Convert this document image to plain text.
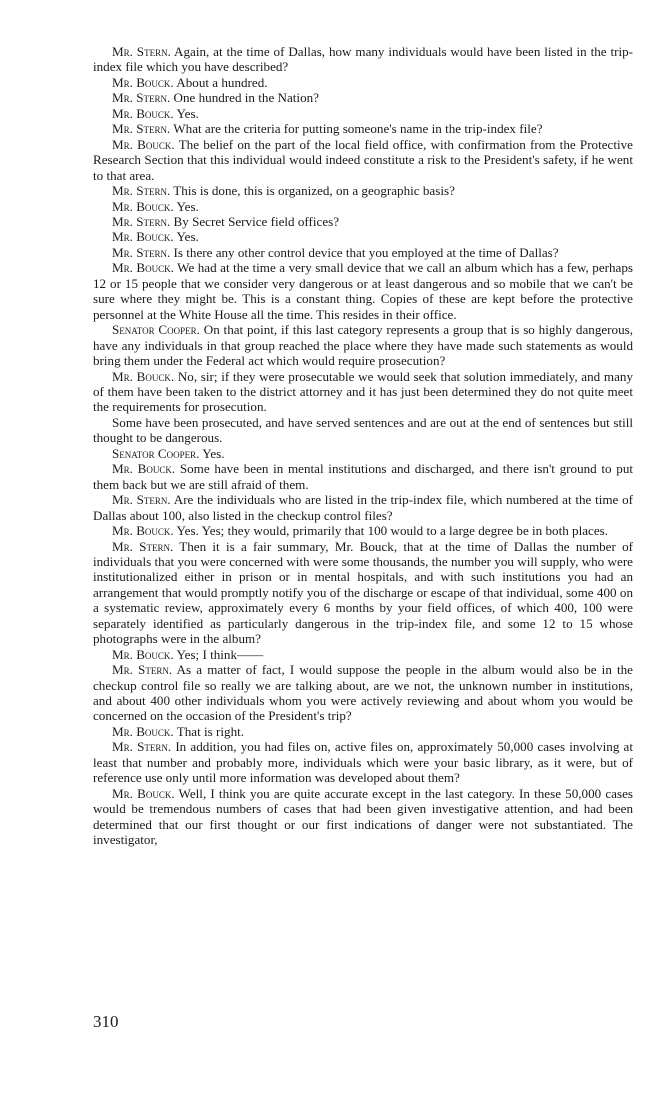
Mr. Stern. Again, at the time of Dallas, how many individuals would have been listed in the trip-index file which you have described?

Mr. Bouck. About a hundred.

Mr. Stern. One hundred in the Nation?

Mr. Bouck. Yes.

Mr. Stern. What are the criteria for putting someone's name in the trip-index file?

Mr. Bouck. The belief on the part of the local field office, with confirmation from the Protective Research Section that this individual would indeed constitute a risk to the President's safety, if he went to that area.

Mr. Stern. This is done, this is organized, on a geographic basis?

Mr. Bouck. Yes.

Mr. Stern. By Secret Service field offices?

Mr. Bouck. Yes.

Mr. Stern. Is there any other control device that you employed at the time of Dallas?

Mr. Bouck. We had at the time a very small device that we call an album which has a few, perhaps 12 or 15 people that we consider very dangerous or at least dangerous and so mobile that we can't be sure where they might be. This is a constant thing. Copies of these are kept before the protective personnel at the White House all the time. This resides in their office.

Senator Cooper. On that point, if this last category represents a group that is so highly dangerous, have any individuals in that group reached the place where they have made such statements as would bring them under the Federal act which would require prosecution?

Mr. Bouck. No, sir; if they were prosecutable we would seek that solution immediately, and many of them have been taken to the district attorney and it has just been determined they do not quite meet the requirements for prosecution.

Some have been prosecuted, and have served sentences and are out at the end of sentences but still thought to be dangerous.

Senator Cooper. Yes.

Mr. Bouck. Some have been in mental institutions and discharged, and there isn't ground to put them back but we are still afraid of them.

Mr. Stern. Are the individuals who are listed in the trip-index file, which numbered at the time of Dallas about 100, also listed in the checkup control files?

Mr. Bouck. Yes. Yes; they would, primarily that 100 would to a large degree be in both places.

Mr. Stern. Then it is a fair summary, Mr. Bouck, that at the time of Dallas the number of individuals that you were concerned with were some thousands, the number you will supply, who were institutionalized either in prison or in mental hospitals, and with such institutions you had an arrangement that would promptly notify you of the discharge or escape of that individual, some 400 on a systematic review, approximately every 6 months by your field offices, of which 400, 100 were separately identified as particularly dangerous in the trip-index file, and some 12 to 15 whose photographs were in the album?

Mr. Bouck. Yes; I think——

Mr. Stern. As a matter of fact, I would suppose the people in the album would also be in the checkup control file so really we are talking about, are we not, the unknown number in institutions, and about 400 other individuals whom you were actively reviewing and about whom you would be concerned on the occasion of the President's trip?

Mr. Bouck. That is right.

Mr. Stern. In addition, you had files on, active files on, approximately 50,000 cases involving at least that number and probably more, individuals which were your basic library, as it were, but of reference use only until more information was developed about them?

Mr. Bouck. Well, I think you are quite accurate except in the last category. In these 50,000 cases would be tremendous numbers of cases that had been given investigative attention, and had been determined that our first thought or our first indications of danger were not substantiated. The investigator,

310
